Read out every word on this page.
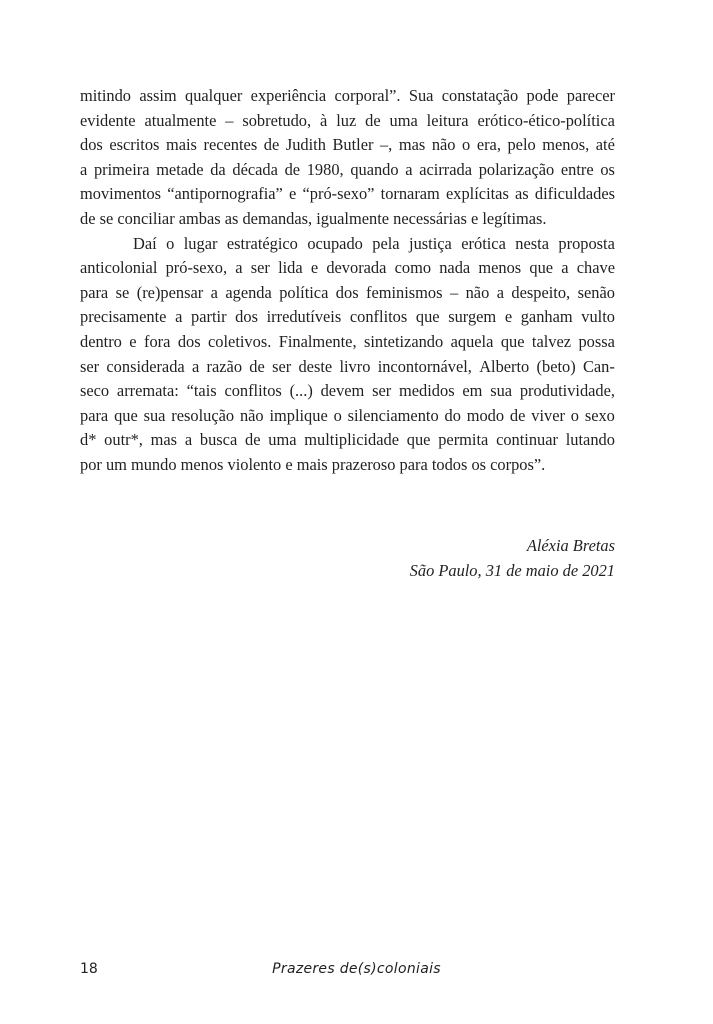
mitindo assim qualquer experiência corporal”. Sua constatação pode parecer
evidente atualmente – sobretudo, à luz de uma leitura erótico-ético-política
dos escritos mais recentes de Judith Butler –, mas não o era, pelo menos, até
a primeira metade da década de 1980, quando a acirrada polarização entre os
movimentos “antipornografia” e “pró-sexo” tornaram explícitas as dificuldades
de se conciliar ambas as demandas, igualmente necessárias e legítimas.
Daí o lugar estratégico ocupado pela justiça erótica nesta proposta
anticolonial pró-sexo, a ser lida e devorada como nada menos que a chave
para se (re)pensar a agenda política dos feminismos – não a despeito, senão
precisamente a partir dos irredutíveis conflitos que surgem e ganham vulto
dentro e fora dos coletivos. Finalmente, sintetizando aquela que talvez possa
ser considerada a razão de ser deste livro incontornável, Alberto (beto) Can-
seco arremata: “tais conflitos (...) devem ser medidos em sua produtividade,
para que sua resolução não implique o silenciamento do modo de viver o sexo
d* outr*, mas a busca de uma multiplicidade que permita continuar lutando
por um mundo menos violento e mais prazeroso para todos os corpos”.
Aléxia Bretas
São Paulo, 31 de maio de 2021
18	Prazeres de(s)coloniais
